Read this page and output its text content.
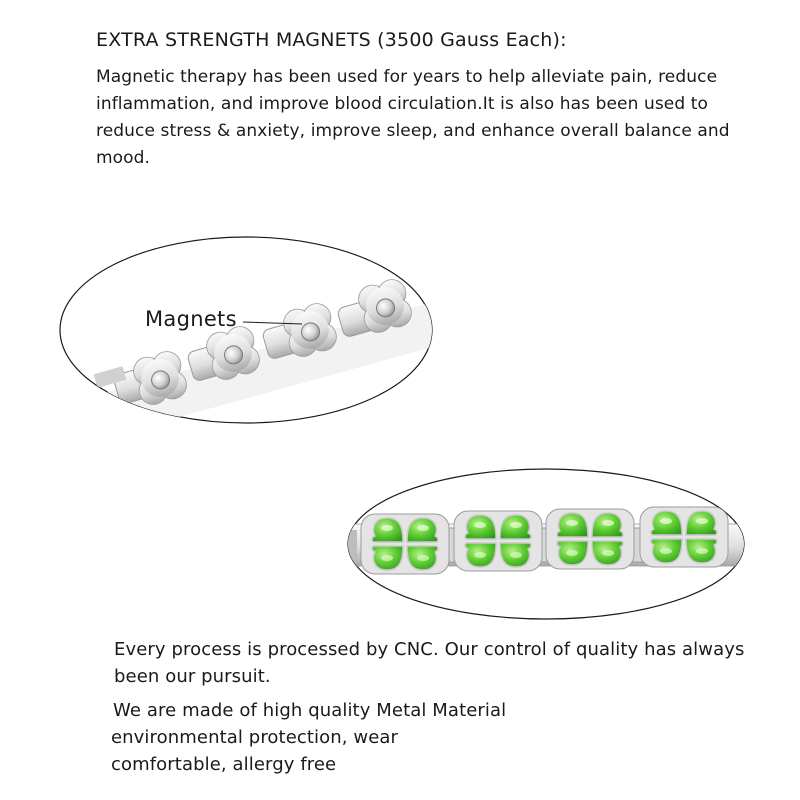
EXTRA STRENGTH MAGNETS (3500 Gauss Each):

Magnetic therapy has been used for years to help alleviate pain, reduce inflammation, and improve blood circulation.It is also has been used to reduce stress & anxiety, improve sleep, and enhance overall balance and mood.

Magnets

Every process is processed by CNC. Our control of quality has always been our pursuit.

We are made of high quality Metal Material
environmental protection, wear
comfortable, allergy free
